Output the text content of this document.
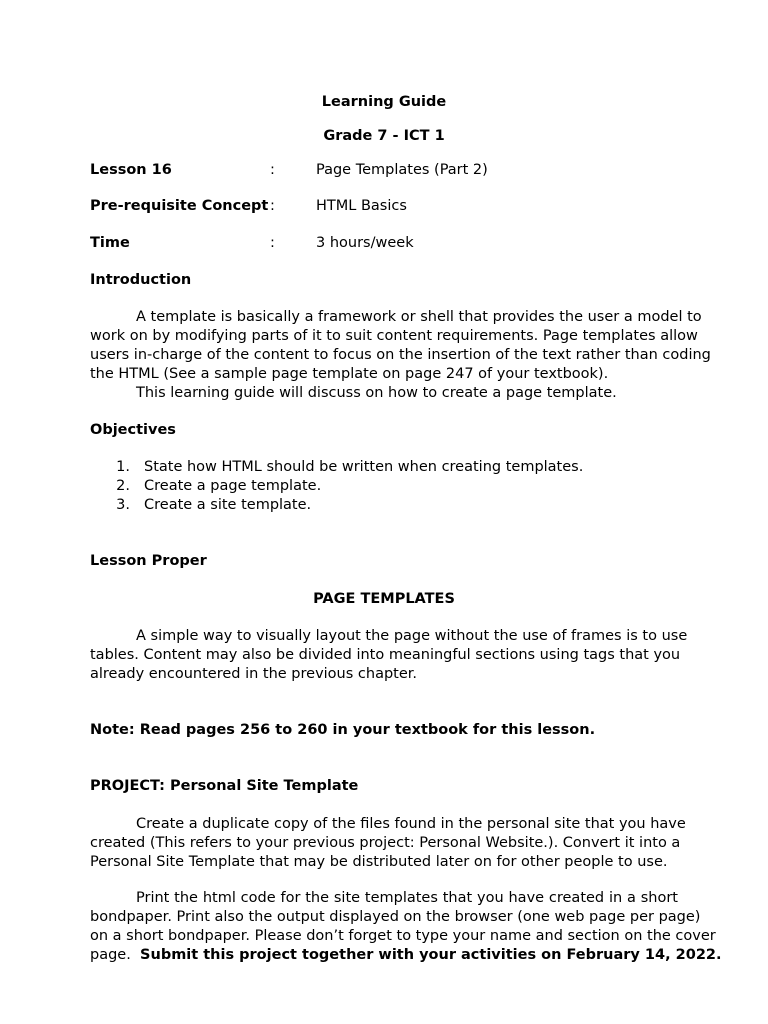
Learning Guide
Grade 7 - ICT 1
Lesson 16	:	Page Templates (Part 2)
Pre-requisite Concept :	HTML Basics
Time	:	3 hours/week
Introduction
A template is basically a framework or shell that provides the user a model to
work on by modifying parts of it to suit content requirements. Page templates allow
users in-charge of the content to focus on the insertion of the text rather than coding
the HTML (See a sample page template on page 247 of your textbook).
This learning guide will discuss on how to create a page template.
Objectives
1. State how HTML should be written when creating templates.
2. Create a page template.
3. Create a site template.
Lesson Proper
PAGE TEMPLATES
A simple way to visually layout the page without the use of frames is to use
tables. Content may also be divided into meaningful sections using tags that you
already encountered in the previous chapter.
Note: Read pages 256 to 260 in your textbook for this lesson.
PROJECT: Personal Site Template
Create a duplicate copy of the files found in the personal site that you have
created (This refers to your previous project: Personal Website.). Convert it into a
Personal Site Template that may be distributed later on for other people to use.
Print the html code for the site templates that you have created in a short
bondpaper. Print also the output displayed on the browser (one web page per page)
on a short bondpaper. Please don’t forget to type your name and section on the cover
page.  Submit this project together with your activities on February 14, 2022.
